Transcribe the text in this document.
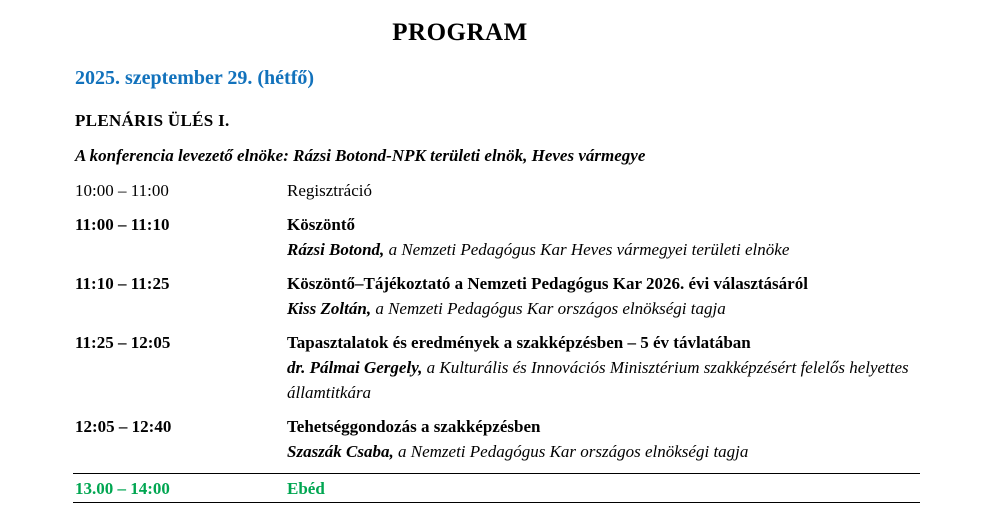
PROGRAM
2025. szeptember 29. (hétfő)
PLENÁRIS ÜLÉS I.
A konferencia levezető elnöke: Rázsi Botond-NPK területi elnök, Heves vármegye
10:00 – 11:00	Regisztráció
11:00 – 11:10	Köszöntő
Rázsi Botond, a Nemzeti Pedagógus Kar Heves vármegyei területi elnöke
11:10 – 11:25	Köszöntő–Tájékoztató a Nemzeti Pedagógus Kar 2026. évi választásáról
Kiss Zoltán, a Nemzeti Pedagógus Kar országos elnökségi tagja
11:25 – 12:05	Tapasztalatok és eredmények a szakképzésben – 5 év távlatában
dr. Pálmai Gergely, a Kulturális és Innovációs Minisztérium szakképzésért felelős helyettes államtitkára
12:05 – 12:40	Tehetséggondozás a szakképzésben
Szaszák Csaba, a Nemzeti Pedagógus Kar országos elnökségi tagja
13.00 – 14:00	Ebéd
